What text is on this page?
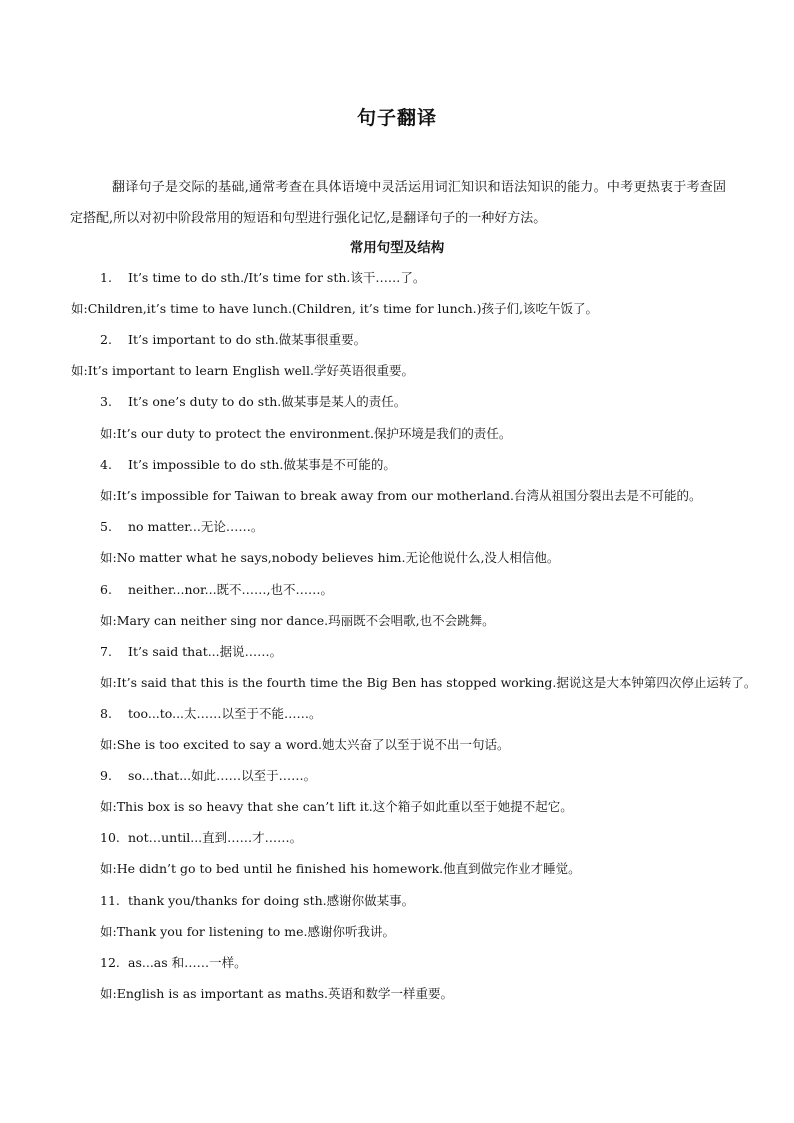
句子翻译
翻译句子是交际的基础,通常考查在具体语境中灵活运用词汇知识和语法知识的能力。中考更热衷于考查固定搭配,所以对初中阶段常用的短语和句型进行强化记忆,是翻译句子的一种好方法。
常用句型及结构
1. It’s time to do sth./It’s time for sth.该干……了。
如:Children,it’s time to have lunch.(Children, it’s time for lunch.)孩子们,该吃午饭了。
2. It’s important to do sth.做某事很重要。
如:It’s important to learn English well.学好英语很重要。
3. It’s one’s duty to do sth.做某事是某人的责任。
如:It’s our duty to protect the environment.保护环境是我们的责任。
4. It’s impossible to do sth.做某事是不可能的。
如:It’s impossible for Taiwan to break away from our motherland.台湾从祖国分裂出去是不可能的。
5. no matter...无论……。
如:No matter what he says,nobody believes him.无论他说什么,没人相信他。
6. neither...nor...既不……,也不……。
如:Mary can neither sing nor dance.玛丽既不会唱歌,也不会跳舞。
7. It’s said that...据说……。
如:It’s said that this is the fourth time the Big Ben has stopped working.据说这是大本钟第四次停止运转了。
8. too...to...太……以至于不能……。
如:She is too excited to say a word.她太兴奋了以至于说不出一句话。
9. so...that...如此……以至于……。
如:This box is so heavy that she can’t lift it.这个箱子如此重以至于她提不起它。
10. not…until...直到……才……。
如:He didn’t go to bed until he finished his homework.他直到做完作业才睡觉。
11. thank you/thanks for doing sth.感谢你做某事。
如:Thank you for listening to me.感谢你听我讲。
12. as...as 和……一样。
如:English is as important as maths.英语和数学一样重要。
